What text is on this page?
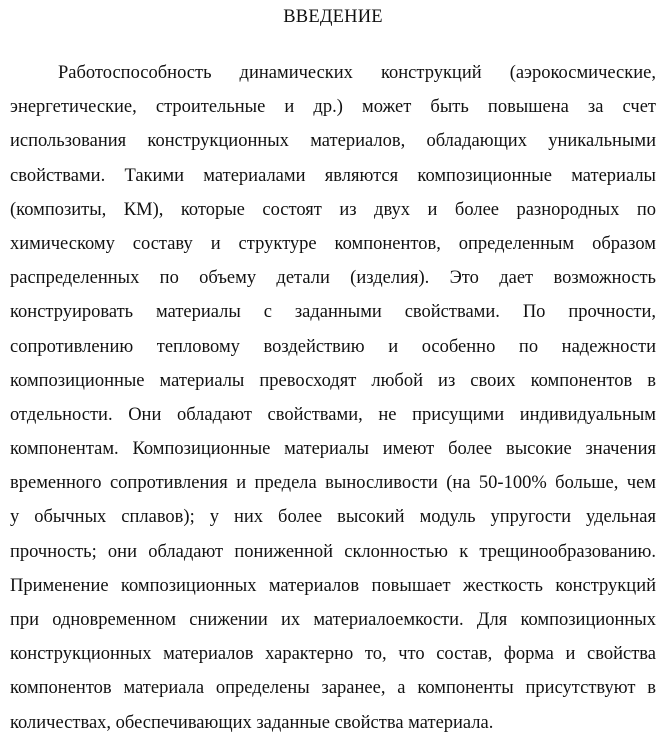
ВВЕДЕНИЕ
Работоспособность динамических конструкций (аэрокосмические,
энергетические, строительные и др.) может быть повышена за счет
использования конструкционных материалов, обладающих уникальными
свойствами. Такими материалами являются композиционные материалы
(композиты, КМ), которые состоят из двух и более разнородных по
химическому составу и структуре компонентов, определенным образом
распределенных по объему детали (изделия). Это дает возможность
конструировать материалы с заданными свойствами. По прочности,
сопротивлению тепловому воздействию и особенно по надежности
композиционные материалы превосходят любой из своих компонентов в
отдельности. Они обладают свойствами, не присущими индивидуальным
компонентам. Композиционные материалы имеют более высокие значения
временного сопротивления и предела выносливости (на 50-100% больше, чем
у обычных сплавов); у них более высокий модуль упругости удельная
прочность; они обладают пониженной склонностью к трещинообразованию.
Применение композиционных материалов повышает жесткость конструкций
при одновременном снижении их материалоемкости. Для композиционных
конструкционных материалов характерно то, что состав, форма и свойства
компонентов материала определены заранее, а компоненты присутствуют в
количествах, обеспечивающих заданные свойства материала.
